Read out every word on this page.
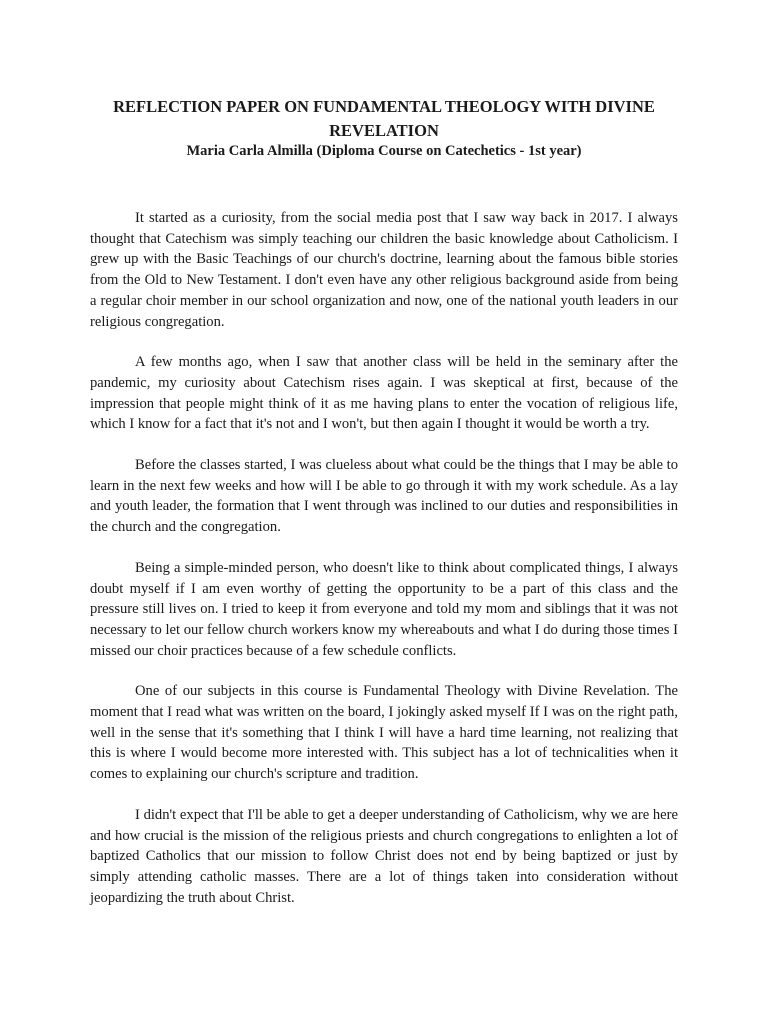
REFLECTION PAPER ON FUNDAMENTAL THEOLOGY WITH DIVINE REVELATION
Maria Carla Almilla (Diploma Course on Catechetics - 1st year)

It started as a curiosity, from the social media post that I saw way back in 2017. I always thought that Catechism was simply teaching our children the basic knowledge about Catholicism. I grew up with the Basic Teachings of our church's doctrine, learning about the famous bible stories from the Old to New Testament. I don't even have any other religious background aside from being a regular choir member in our school organization and now, one of the national youth leaders in our religious congregation.

A few months ago, when I saw that another class will be held in the seminary after the pandemic, my curiosity about Catechism rises again. I was skeptical at first, because of the impression that people might think of it as me having plans to enter the vocation of religious life, which I know for a fact that it's not and I won't, but then again I thought it would be worth a try.

Before the classes started, I was clueless about what could be the things that I may be able to learn in the next few weeks and how will I be able to go through it with my work schedule. As a lay and youth leader, the formation that I went through was inclined to our duties and responsibilities in the church and the congregation.

Being a simple-minded person, who doesn't like to think about complicated things, I always doubt myself if I am even worthy of getting the opportunity to be a part of this class and the pressure still lives on. I tried to keep it from everyone and told my mom and siblings that it was not necessary to let our fellow church workers know my whereabouts and what I do during those times I missed our choir practices because of a few schedule conflicts.

One of our subjects in this course is Fundamental Theology with Divine Revelation. The moment that I read what was written on the board, I jokingly asked myself If I was on the right path, well in the sense that it's something that I think I will have a hard time learning, not realizing that this is where I would become more interested with. This subject has a lot of technicalities when it comes to explaining our church's scripture and tradition.

I didn't expect that I'll be able to get a deeper understanding of Catholicism, why we are here and how crucial is the mission of the religious priests and church congregations to enlighten a lot of baptized Catholics that our mission to follow Christ does not end by being baptized or just by simply attending catholic masses. There are a lot of things taken into consideration without jeopardizing the truth about Christ.
